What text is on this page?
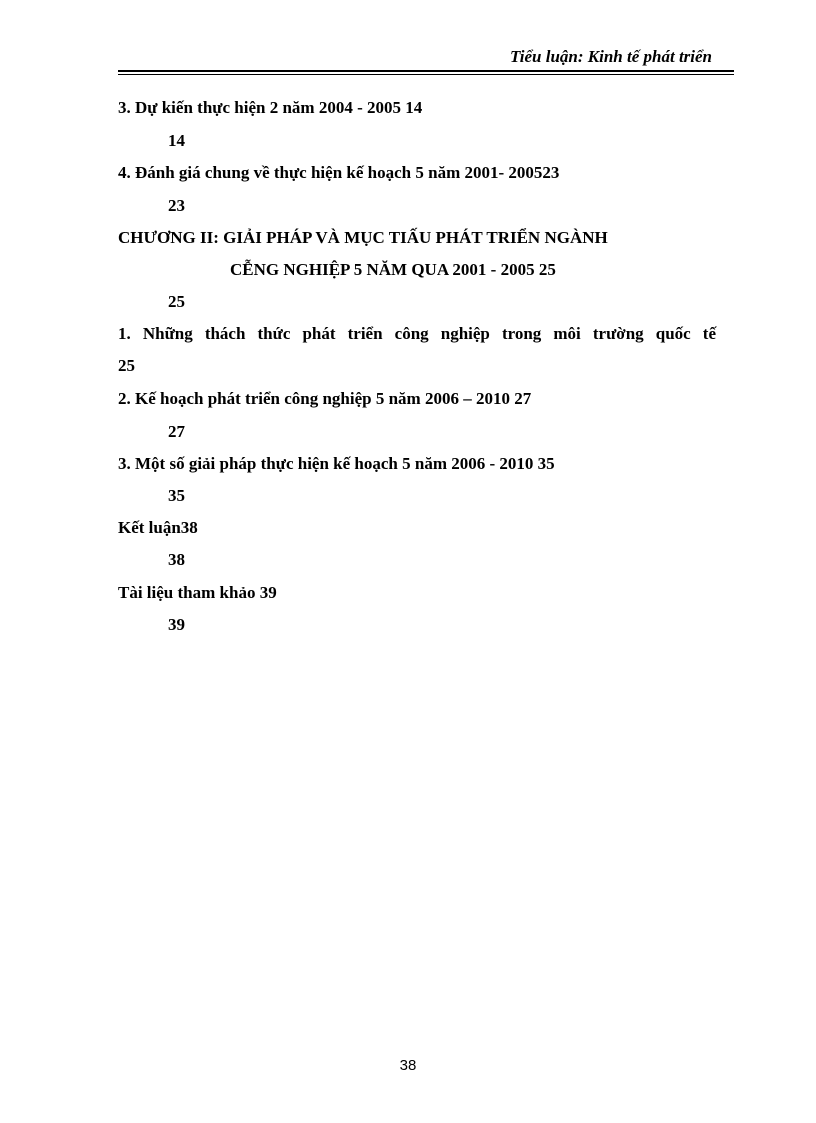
Tiểu luận: Kinh tế phát triển
3. Dự kiến thực hiện 2 năm 2004 - 2005 14
14
4. Đánh giá chung về thực hiện kế hoạch 5 năm 2001- 200523
23
CHƯƠNG II: GIẢI PHÁP VÀ MỤC TIẤU PHÁT TRIỂN NGÀNH
CỄNG NGHIỆP 5 NĂM QUA 2001 - 2005 25
25
1. Những thách thức phát triển công nghiệp trong môi trường quốc tế
25
2. Kế hoạch phát triển công nghiệp 5 năm 2006 – 2010 27
27
3. Một số giải pháp thực hiện kế hoạch 5 năm 2006 - 2010 35
35
Kết luận38
38
Tài liệu tham khảo 39
39
38
